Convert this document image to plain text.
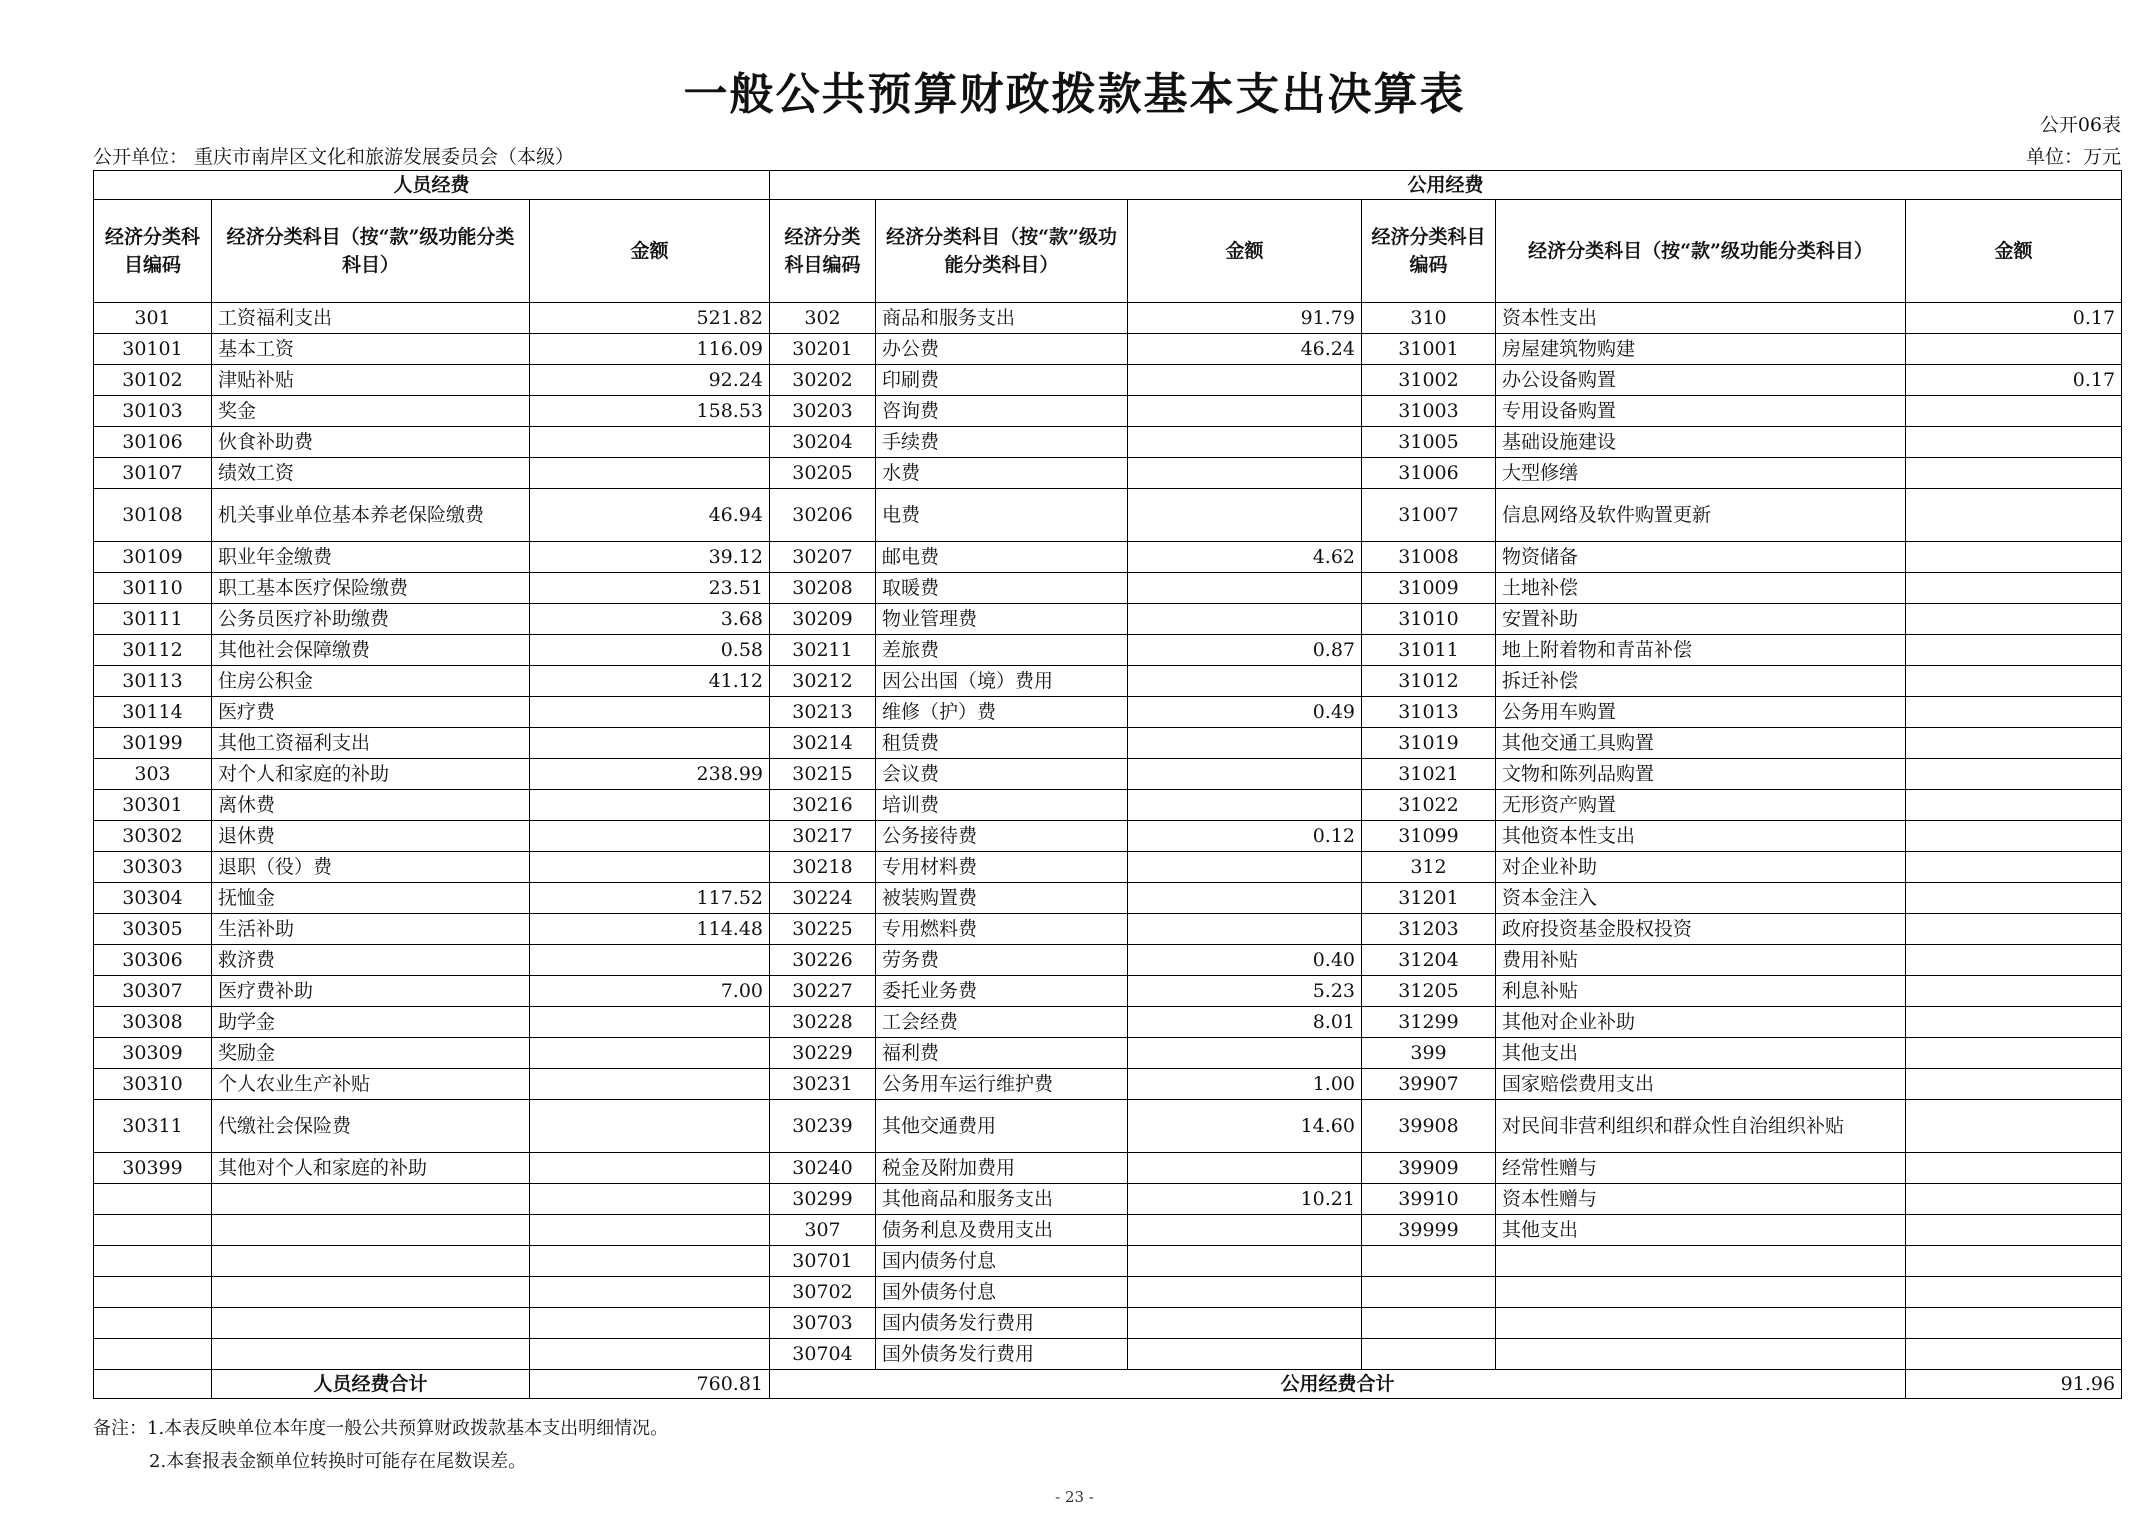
一般公共预算财政拨款基本支出决算表
公开06表
公开单位： 重庆市南岸区文化和旅游发展委员会（本级）	单位：万元
人员经费			公用经费					
经济分类科目编码	经济分类科目（按“款”级功能分类科目）	金额	经济分类科目编码	经济分类科目（按“款”级功能分类科目）	金额	经济分类科目编码	经济分类科目（按“款”级功能分类科目）	金额
301	工资福利支出	521.82	302	商品和服务支出	91.79	310	资本性支出	0.17
30101	基本工资	116.09	30201	办公费	46.24	31001	房屋建筑物购建	
30102	津贴补贴	92.24	30202	印刷费		31002	办公设备购置	0.17
30103	奖金	158.53	30203	咨询费		31003	专用设备购置	
30106	伙食补助费		30204	手续费		31005	基础设施建设	
30107	绩效工资		30205	水费		31006	大型修缮	
30108	机关事业单位基本养老保险缴费	46.94	30206	电费		31007	信息网络及软件购置更新	
30109	职业年金缴费	39.12	30207	邮电费	4.62	31008	物资储备	
30110	职工基本医疗保险缴费	23.51	30208	取暖费		31009	土地补偿	
30111	公务员医疗补助缴费	3.68	30209	物业管理费		31010	安置补助	
30112	其他社会保障缴费	0.58	30211	差旅费	0.87	31011	地上附着物和青苗补偿	
30113	住房公积金	41.12	30212	因公出国（境）费用		31012	拆迁补偿	
30114	医疗费		30213	维修（护）费	0.49	31013	公务用车购置	
30199	其他工资福利支出		30214	租赁费		31019	其他交通工具购置	
303	对个人和家庭的补助	238.99	30215	会议费		31021	文物和陈列品购置	
30301	离休费		30216	培训费		31022	无形资产购置	
30302	退休费		30217	公务接待费	0.12	31099	其他资本性支出	
30303	退职（役）费		30218	专用材料费		312	对企业补助	
30304	抚恤金	117.52	30224	被装购置费		31201	资本金注入	
30305	生活补助	114.48	30225	专用燃料费		31203	政府投资基金股权投资	
30306	救济费		30226	劳务费	0.40	31204	费用补贴	
30307	医疗费补助	7.00	30227	委托业务费	5.23	31205	利息补贴	
30308	助学金		30228	工会经费	8.01	31299	其他对企业补助	
30309	奖励金		30229	福利费		399	其他支出	
30310	个人农业生产补贴		30231	公务用车运行维护费	1.00	39907	国家赔偿费用支出	
30311	代缴社会保险费		30239	其他交通费用	14.60	39908	对民间非营利组织和群众性自治组织补贴	
30399	其他对个人和家庭的补助		30240	税金及附加费用		39909	经常性赠与	
			30299	其他商品和服务支出	10.21	39910	资本性赠与	
			307	债务利息及费用支出		39999	其他支出	
			30701	国内债务付息				
			30702	国外债务付息				
			30703	国内债务发行费用				
			30704	国外债务发行费用				
	人员经费合计	760.81	公用经费合计					91.96
备注：1.本表反映单位本年度一般公共预算财政拨款基本支出明细情况。
2.本套报表金额单位转换时可能存在尾数误差。
- 23 -
